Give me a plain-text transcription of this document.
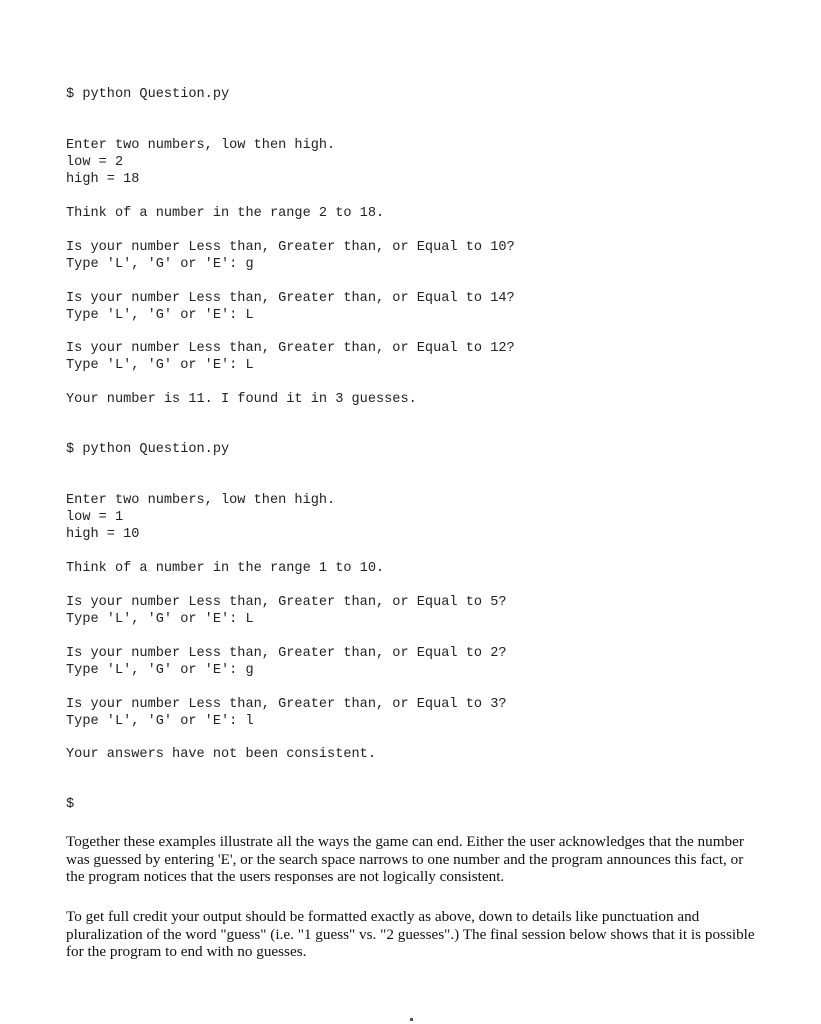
$ python Question.py

Enter two numbers, low then high.

low = 2

high = 18

Think of a number in the range 2 to 18.

Is your number Less than, Greater than, or Equal to 10?

Type 'L', 'G' or 'E': g

Is your number Less than, Greater than, or Equal to 14?

Type 'L', 'G' or 'E': L

Is your number Less than, Greater than, or Equal to 12?

Type 'L', 'G' or 'E': L

Your number is 11. I found it in 3 guesses.

$ python Question.py

Enter two numbers, low then high.

low = 1

high = 10

Think of a number in the range 1 to 10.

Is your number Less than, Greater than, or Equal to 5?

Type 'L', 'G' or 'E': L

Is your number Less than, Greater than, or Equal to 2?

Type 'L', 'G' or 'E': g

Is your number Less than, Greater than, or Equal to 3?

Type 'L', 'G' or 'E': l

Your answers have not been consistent.

$

Together these examples illustrate all the ways the game can end. Either the user acknowledges that the number was guessed by entering 'E', or the search space narrows to one number and the program announces this fact, or the program notices that the users responses are not logically consistent.

To get full credit your output should be formatted exactly as above, down to details like punctuation and pluralization of the word "guess" (i.e. "1 guess" vs. "2 guesses".) The final session below shows that it is possible for the program to end with no guesses.
